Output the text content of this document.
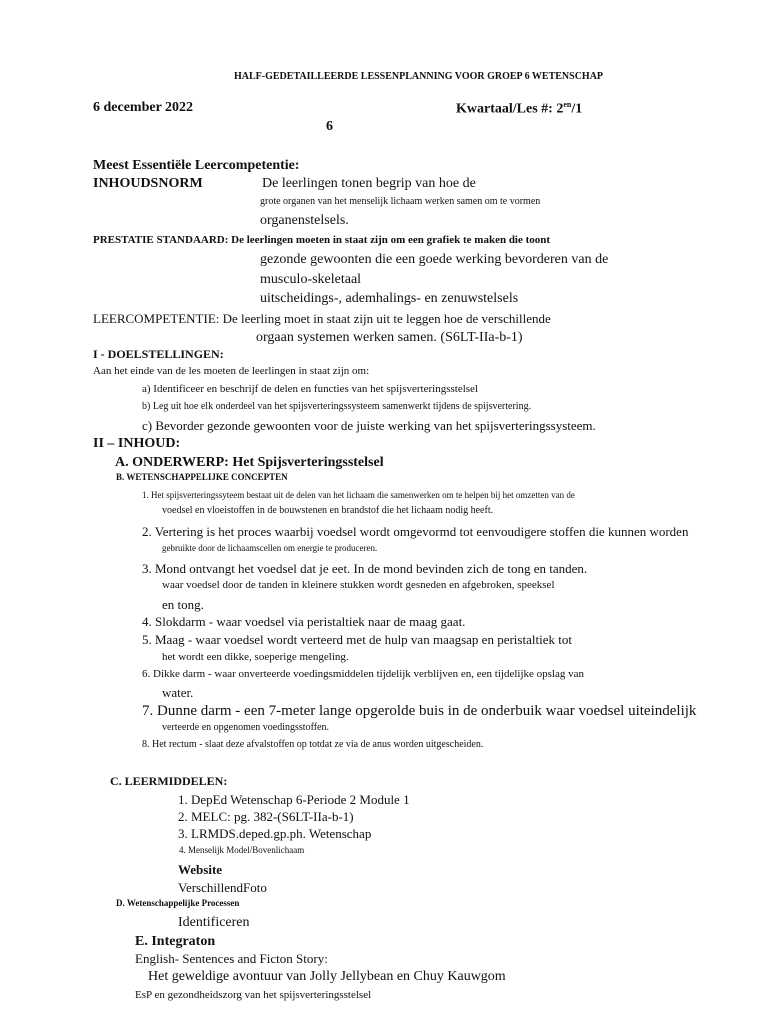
HALF-GEDETAILLEERDE LESSENPLANNING VOOR GROEP 6 WETENSCHAP
6 december 2022	Kwartaal/Les #: $2^{en}/1$
6
Meest Essentiële Leercompetentie:
INHOUDSNORM	De leerlingen tonen begrip van hoe de
grote organen van het menselijk lichaam werken samen om te vormen
organenstelsels.
PRESTATIE STANDAARD: De leerlingen moeten in staat zijn om een grafiek te maken die toont
gezonde gewoonten die een goede werking bevorderen van de
musculo-skeletaal
uitscheidings-, ademhalings- en zenuwstelsels
LEERCOMPETENTIE: De leerling moet in staat zijn uit te leggen hoe de verschillende
orgaan systemen werken samen. (S6LT-IIa-b-1)
I - DOELSTELLINGEN:
Aan het einde van de les moeten de leerlingen in staat zijn om:
a) Identificeer en beschrijf de delen en functies van het spijsverteringsstelsel
b) Leg uit hoe elk onderdeel van het spijsverteringssysteem samenwerkt tijdens de spijsvertering.
c) Bevorder gezonde gewoonten voor de juiste werking van het spijsverteringssysteem.
II – INHOUD:
A. ONDERWERP: Het Spijsverteringsstelsel
B. WETENSCHAPPELIJKE CONCEPTEN
1. Het spijsverteringssyteem bestaat uit de delen van het lichaam die samenwerken om te helpen bij het omzetten van de
voedsel en vloeistoffen in de bouwstenen en brandstof die het lichaam nodig heeft.
2. Vertering is het proces waarbij voedsel wordt omgevormd tot eenvoudigere stoffen die kunnen worden
gebruikte door de lichaamscellen om energie te produceren.
3. Mond ontvangt het voedsel dat je eet. In de mond bevinden zich de tong en tanden.
waar voedsel door de tanden in kleinere stukken wordt gesneden en afgebroken, speeksel
en tong.
4. Slokdarm - waar voedsel via peristaltiek naar de maag gaat.
5. Maag - waar voedsel wordt verteerd met de hulp van maagsap en peristaltiek tot
het wordt een dikke, soeperige mengeling.
6. Dikke darm - waar onverteerde voedingsmiddelen tijdelijk verblijven en, een tijdelijke opslag van
water.
7. Dunne darm - een 7-meter lange opgerolde buis in de onderbuik waar voedsel uiteindelijk
verteerde en opgenomen voedingsstoffen.
8. Het rectum - slaat deze afvalstoffen op totdat ze via de anus worden uitgescheiden.
C. LEERMIDDELEN:
1. DepEd Wetenschap 6-Periode 2 Module 1
2. MELC: pg. 382-(S6LT-IIa-b-1)
3. LRMDS.deped.gp.ph. Wetenschap
4. Menselijk Model/Bovenlichaam
Website
VerschillendFoto
D. Wetenschappelijke Processen
Identificeren
E. Integraton
English- Sentences and Ficton Story:
Het geweldige avontuur van Jolly Jellybean en Chuy Kauwgom
EsP en gezondheidszorg van het spijsverteringsstelsel
